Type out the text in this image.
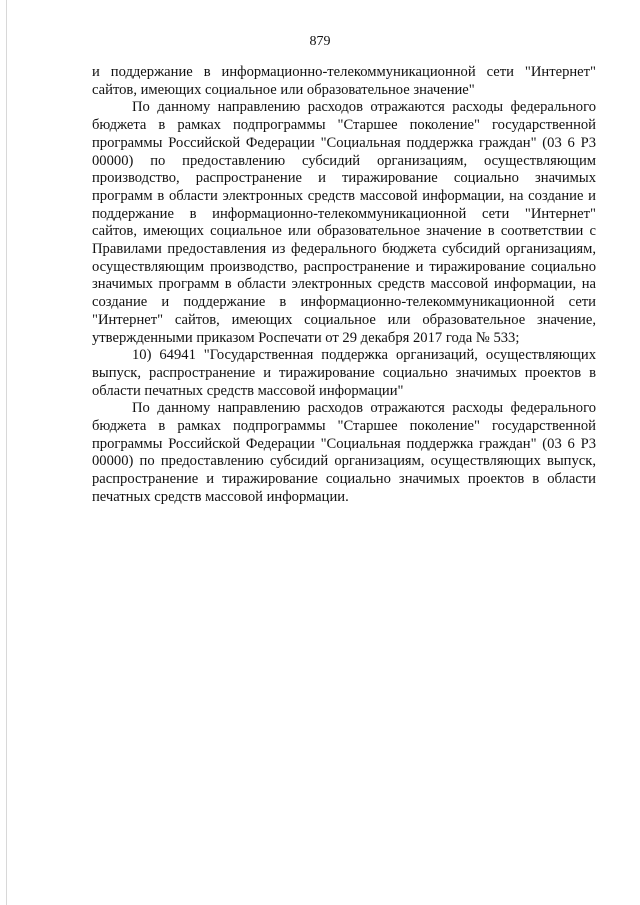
879

и поддержание в информационно-телекоммуникационной сети "Интернет" сайтов, имеющих социальное или образовательное значение"

По данному направлению расходов отражаются расходы федерального бюджета в рамках подпрограммы "Старшее поколение" государственной программы Российской Федерации "Социальная поддержка граждан" (03 6 Р3 00000) по предоставлению субсидий организациям, осуществляющим производство, распространение и тиражирование социально значимых программ в области электронных средств массовой информации, на создание и поддержание в информационно-телекоммуникационной сети "Интернет" сайтов, имеющих социальное или образовательное значение в соответствии с Правилами предоставления из федерального бюджета субсидий организациям, осуществляющим производство, распространение и тиражирование социально значимых программ в области электронных средств массовой информации, на создание и поддержание в информационно-телекоммуникационной сети "Интернет" сайтов, имеющих социальное или образовательное значение, утвержденными приказом Роспечати от 29 декабря 2017 года № 533;

10) 64941 "Государственная поддержка организаций, осуществляющих выпуск, распространение и тиражирование социально значимых проектов в области печатных средств массовой информации"

По данному направлению расходов отражаются расходы федерального бюджета в рамках подпрограммы "Старшее поколение" государственной программы Российской Федерации "Социальная поддержка граждан" (03 6 Р3 00000) по предоставлению субсидий организациям, осуществляющих выпуск, распространение и тиражирование социально значимых проектов в области печатных средств массовой информации.
